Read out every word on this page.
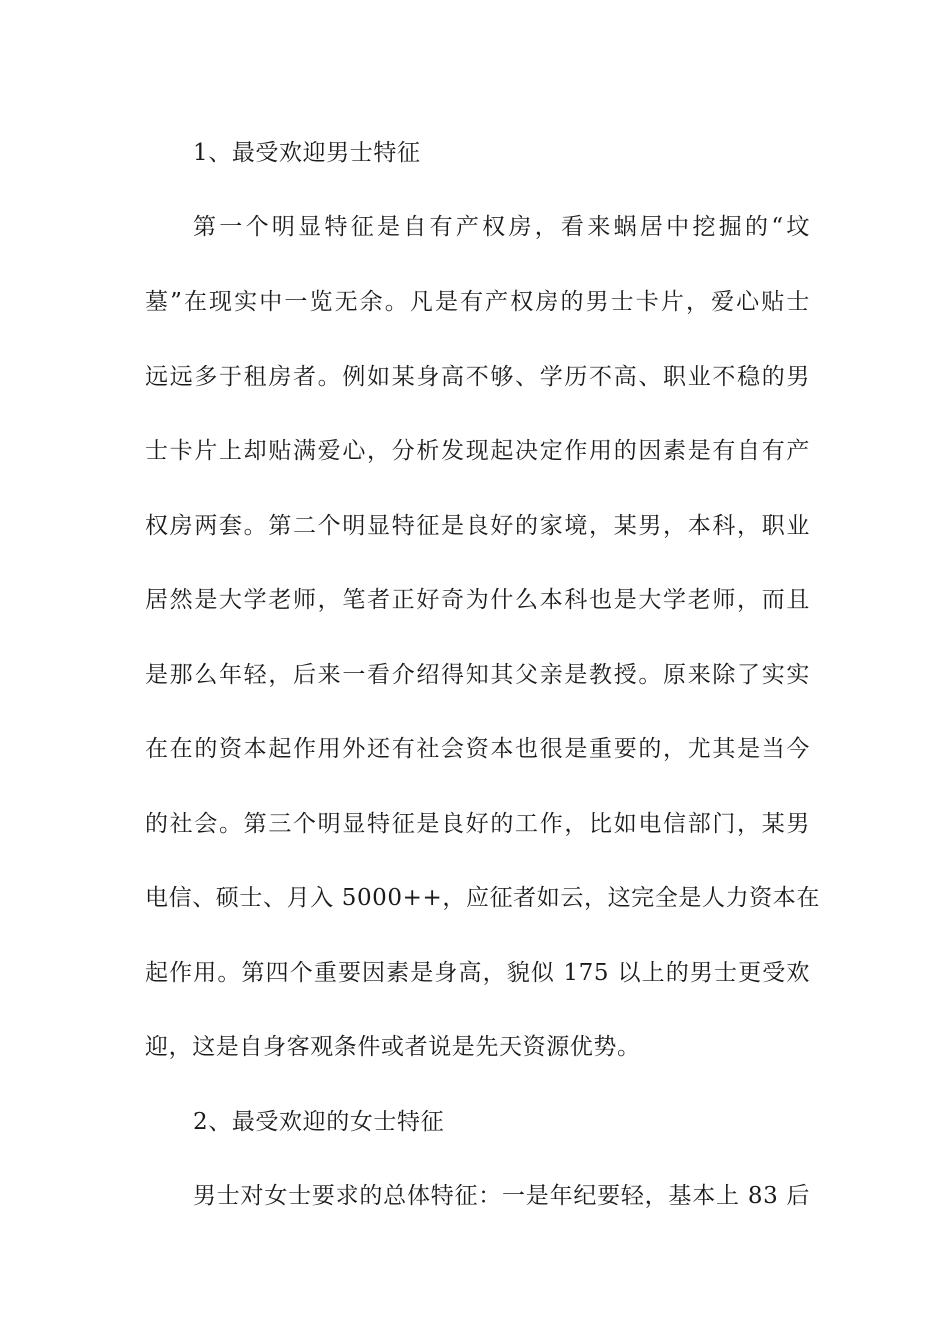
1、最受欢迎男士特征
第一个明显特征是自有产权房，看来蜗居中挖掘的“坟
墓”在现实中一览无余。凡是有产权房的男士卡片，爱心贴士
远远多于租房者。例如某身高不够、学历不高、职业不稳的男
士卡片上却贴满爱心，分析发现起决定作用的因素是有自有产
权房两套。第二个明显特征是良好的家境，某男，本科，职业
居然是大学老师，笔者正好奇为什么本科也是大学老师，而且
是那么年轻，后来一看介绍得知其父亲是教授。原来除了实实
在在的资本起作用外还有社会资本也很是重要的，尤其是当今
的社会。第三个明显特征是良好的工作，比如电信部门，某男
电信、硕士、月入 5000++，应征者如云，这完全是人力资本在
起作用。第四个重要因素是身高，貌似 175 以上的男士更受欢
迎，这是自身客观条件或者说是先天资源优势。
2、最受欢迎的女士特征
男士对女士要求的总体特征：一是年纪要轻，基本上 83 后
